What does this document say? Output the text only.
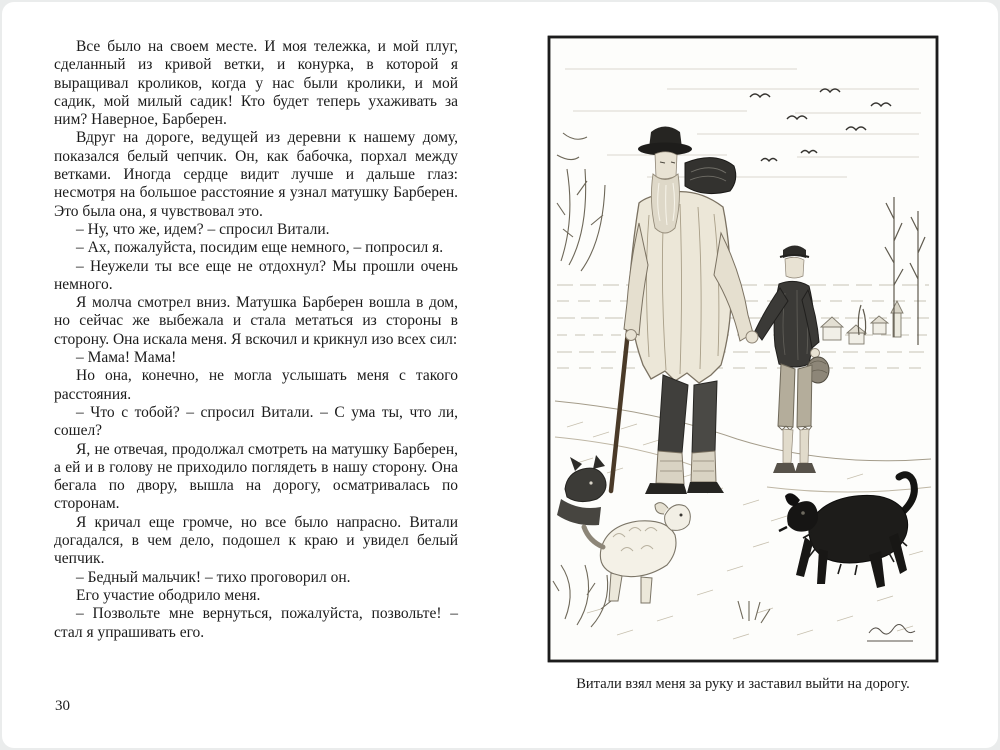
Все было на своем месте. И моя тележка, и мой плуг, сделанный из кривой ветки, и конурка, в которой я выращивал кроликов, когда у нас были кролики, и мой садик, мой милый садик! Кто будет теперь ухаживать за ним? Наверное, Барберен.

Вдруг на дороге, ведущей из деревни к нашему дому, показался белый чепчик. Он, как бабочка, порхал между ветками. Иногда сердце видит лучше и дальше глаз: несмотря на большое расстояние я узнал матушку Барберен. Это была она, я чувствовал это.

– Ну, что же, идем? – спросил Витали.

– Ах, пожалуйста, посидим еще немного, – попросил я.

– Неужели ты все еще не отдохнул? Мы прошли очень немного.

Я молча смотрел вниз. Матушка Барберен вошла в дом, но сейчас же выбежала и стала метаться из стороны в сторону. Она искала меня. Я вскочил и крикнул изо всех сил:

– Мама! Мама!

Но она, конечно, не могла услышать меня с такого расстояния.

– Что с тобой? – спросил Витали. – С ума ты, что ли, сошел?

Я, не отвечая, продолжал смотреть на матушку Барберен, а ей и в голову не приходило поглядеть в нашу сторону. Она бегала по двору, вышла на дорогу, осматривалась по сторонам.

Я кричал еще громче, но все было напрасно. Витали догадался, в чем дело, подошел к краю и увидел белый чепчик.

– Бедный мальчик! – тихо проговорил он.

Его участие ободрило меня.

– Позвольте мне вернуться, пожалуйста, позвольте! – стал я упрашивать его.

30
Витали взял меня за руку и заставил выйти на дорогу.
